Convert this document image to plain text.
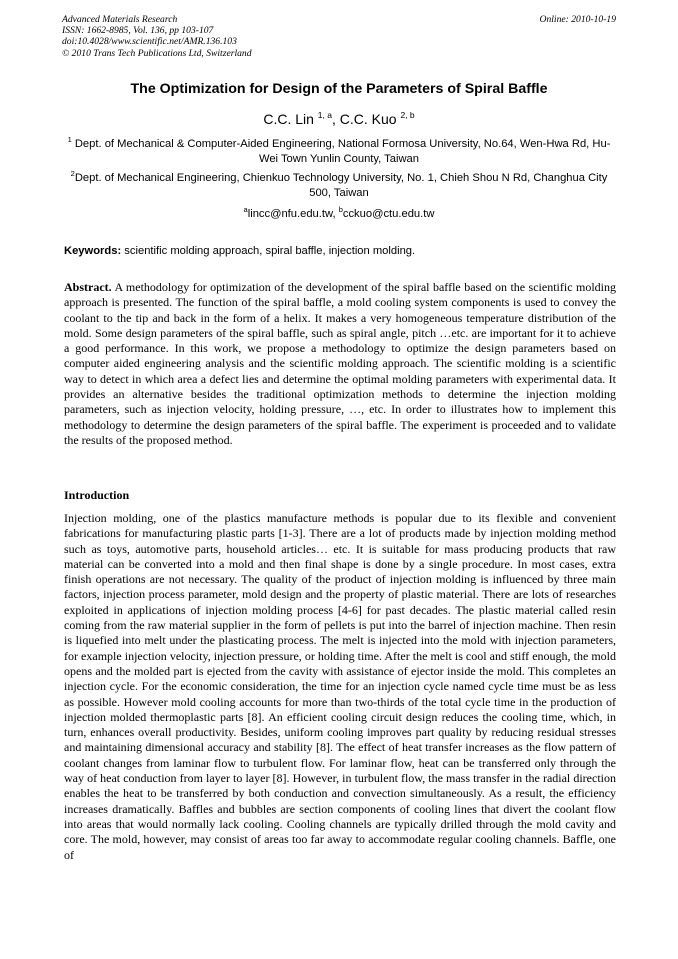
Advanced Materials Research
ISSN: 1662-8985, Vol. 136, pp 103-107
doi:10.4028/www.scientific.net/AMR.136.103
© 2010 Trans Tech Publications Ltd, Switzerland
Online: 2010-10-19
The Optimization for Design of the Parameters of Spiral Baffle
C.C. Lin $^{1, a}$, C.C. Kuo $^{2, b}$
$^1$ Dept. of Mechanical & Computer-Aided Engineering, National Formosa University, No.64, Wen-Hwa Rd, Hu-Wei Town Yunlin County, Taiwan
$^2$Dept. of Mechanical Engineering, Chienkuo Technology University, No. 1, Chieh Shou N Rd, Changhua City 500, Taiwan
$^a$lincc@nfu.edu.tw, $^b$cckuo@ctu.edu.tw
Keywords: scientific molding approach, spiral baffle, injection molding.
Abstract. A methodology for optimization of the development of the spiral baffle based on the scientific molding approach is presented. The function of the spiral baffle, a mold cooling system components is used to convey the coolant to the tip and back in the form of a helix. It makes a very homogeneous temperature distribution of the mold. Some design parameters of the spiral baffle, such as spiral angle, pitch …etc. are important for it to achieve a good performance. In this work, we propose a methodology to optimize the design parameters based on computer aided engineering analysis and the scientific molding approach. The scientific molding is a scientific way to detect in which area a defect lies and determine the optimal molding parameters with experimental data. It provides an alternative besides the traditional optimization methods to determine the injection molding parameters, such as injection velocity, holding pressure, …, etc. In order to illustrates how to implement this methodology to determine the design parameters of the spiral baffle. The experiment is proceeded and to validate the results of the proposed method.
Introduction
Injection molding, one of the plastics manufacture methods is popular due to its flexible and convenient fabrications for manufacturing plastic parts [1-3]. There are a lot of products made by injection molding method such as toys, automotive parts, household articles… etc. It is suitable for mass producing products that raw material can be converted into a mold and then final shape is done by a single procedure. In most cases, extra finish operations are not necessary. The quality of the product of injection molding is influenced by three main factors, injection process parameter, mold design and the property of plastic material. There are lots of researches exploited in applications of injection molding process [4-6] for past decades. The plastic material called resin coming from the raw material supplier in the form of pellets is put into the barrel of injection machine. Then resin is liquefied into melt under the plasticating process. The melt is injected into the mold with injection parameters, for example injection velocity, injection pressure, or holding time. After the melt is cool and stiff enough, the mold opens and the molded part is ejected from the cavity with assistance of ejector inside the mold. This completes an injection cycle. For the economic consideration, the time for an injection cycle named cycle time must be as less as possible. However mold cooling accounts for more than two-thirds of the total cycle time in the production of injection molded thermoplastic parts [8]. An efficient cooling circuit design reduces the cooling time, which, in turn, enhances overall productivity. Besides, uniform cooling improves part quality by reducing residual stresses and maintaining dimensional accuracy and stability [8]. The effect of heat transfer increases as the flow pattern of coolant changes from laminar flow to turbulent flow. For laminar flow, heat can be transferred only through the way of heat conduction from layer to layer [8]. However, in turbulent flow, the mass transfer in the radial direction enables the heat to be transferred by both conduction and convection simultaneously. As a result, the efficiency increases dramatically. Baffles and bubbles are section components of cooling lines that divert the coolant flow into areas that would normally lack cooling. Cooling channels are typically drilled through the mold cavity and core. The mold, however, may consist of areas too far away to accommodate regular cooling channels. Baffle, one of
